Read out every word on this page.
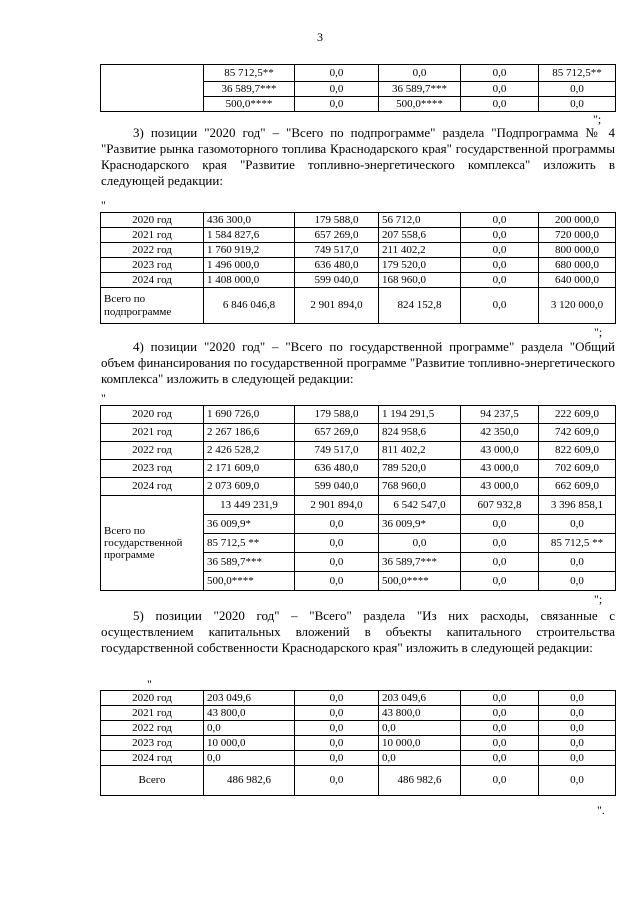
3
	85 712,5**	0,0	0,0	0,0	85 712,5**
	36 589,7***	0,0	36 589,7***	0,0	0,0
	500,0****	0,0	500,0****	0,0	0,0
";
3) позиции "2020 год" – "Всего по подпрограмме" раздела "Подпрограмма № 4 "Развитие рынка газомоторного топлива Краснодарского края" государственной программы Краснодарского края "Развитие топливно-энергетического комплекса" изложить в следующей редакции:
"
2020 год	436 300,0	179 588,0	56 712,0	0,0	200 000,0
2021 год	1 584 827,6	657 269,0	207 558,6	0,0	720 000,0
2022 год	1 760 919,2	749 517,0	211 402,2	0,0	800 000,0
2023 год	1 496 000,0	636 480,0	179 520,0	0,0	680 000,0
2024 год	1 408 000,0	599 040,0	168 960,0	0,0	640 000,0
Всего по
подпрограмме	6 846 046,8	2 901 894,0	824 152,8	0,0	3 120 000,0
";
4) позиции "2020 год" – "Всего по государственной программе" раздела "Общий объем финансирования по государственной программе "Развитие топливно-энергетического комплекса" изложить в следующей редакции:
"
2020 год	1 690 726,0	179 588,0	1 194 291,5	94 237,5	222 609,0
2021 год	2 267 186,6	657 269,0	824 958,6	42 350,0	742 609,0
2022 год	2 426 528,2	749 517,0	811 402,2	43 000,0	822 609,0
2023 год	2 171 609,0	636 480,0	789 520,0	43 000,0	702 609,0
2024 год	2 073 609,0	599 040,0	768 960,0	43 000,0	662 609,0
Всего по
государственной
программе	13 449 231,9	2 901 894,0	6 542 547,0	607 932,8	3 396 858,1
	36 009,9*	0,0	36 009,9*	0,0	0,0
	85 712,5 **	0,0	0,0	0,0	85 712,5 **
	36 589,7***	0,0	36 589,7***	0,0	0,0
	500,0****	0,0	500,0****	0,0	0,0
";
5) позиции "2020 год" – "Всего" раздела "Из них расходы, связанные с осуществлением капитальных вложений в объекты капитального строительства государственной собственности Краснодарского края" изложить в следующей редакции:
"
2020 год	203 049,6	0,0	203 049,6	0,0	0,0
2021 год	43 800,0	0,0	43 800,0	0,0	0,0
2022 год	0,0	0,0	0,0	0,0	0,0
2023 год	10 000,0	0,0	10 000,0	0,0	0,0
2024 год	0,0	0,0	0,0	0,0	0,0
Всего	486 982,6	0,0	486 982,6	0,0	0,0
".
